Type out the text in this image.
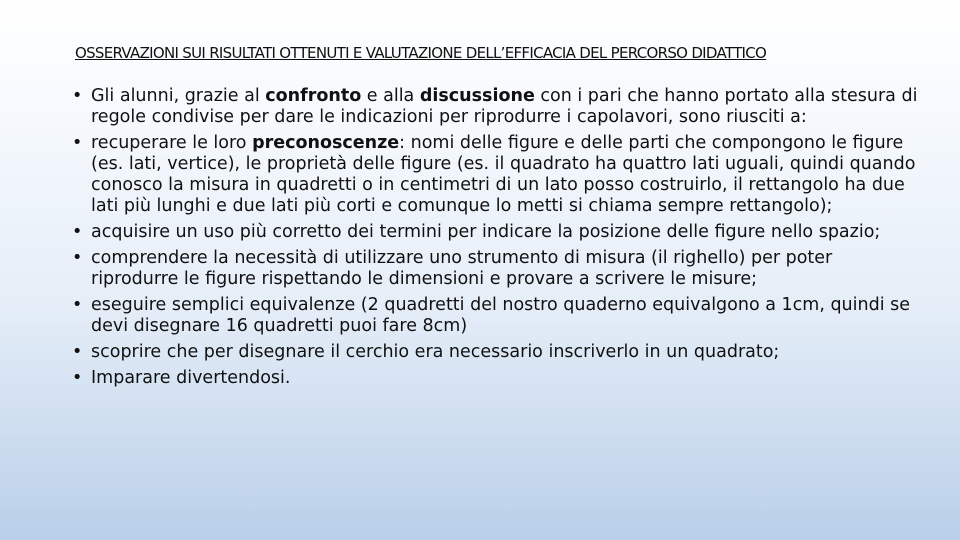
OSSERVAZIONI SUI RISULTATI OTTENUTI E VALUTAZIONE DELL’EFFICACIA DEL PERCORSO DIDATTICO
• Gli alunni, grazie al confronto e alla discussione con i pari che hanno portato alla stesura di regole condivise per dare le indicazioni per riprodurre i capolavori, sono riusciti a:
• recuperare le loro preconoscenze: nomi delle figure e delle parti che compongono le figure (es. lati, vertice), le proprietà delle figure (es. il quadrato ha quattro lati uguali, quindi quando conosco la misura in quadretti o in centimetri di un lato posso costruirlo, il rettangolo ha due lati più lunghi e due lati più corti e comunque lo metti si chiama sempre rettangolo);
• acquisire un uso più corretto dei termini per indicare la posizione delle figure nello spazio;
• comprendere la necessità di utilizzare uno strumento di misura (il righello) per poter riprodurre le figure rispettando le dimensioni e provare a scrivere le misure;
• eseguire semplici equivalenze (2 quadretti del nostro quaderno equivalgono a 1cm, quindi se devi disegnare 16 quadretti puoi fare 8cm)
• scoprire che per disegnare il cerchio era necessario inscriverlo in un quadrato;
• Imparare divertendosi.
